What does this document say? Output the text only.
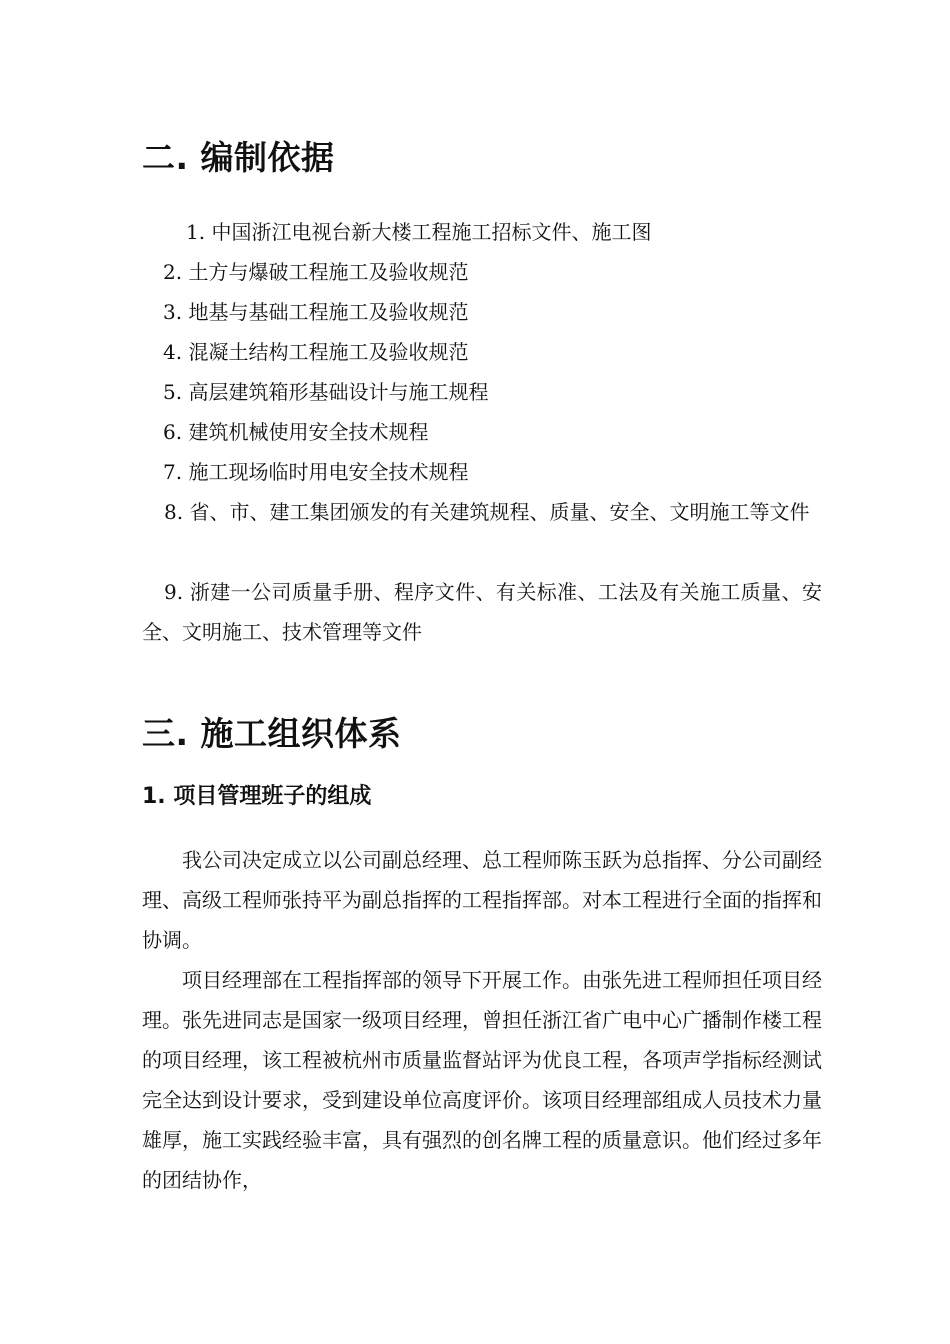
二. 编制依据
1. 中国浙江电视台新大楼工程施工招标文件、施工图
2. 土方与爆破工程施工及验收规范
3. 地基与基础工程施工及验收规范
4. 混凝土结构工程施工及验收规范
5. 高层建筑箱形基础设计与施工规程
6. 建筑机械使用安全技术规程
7. 施工现场临时用电安全技术规程

8. 省、市、建工集团颁发的有关建筑规程、质量、安全、文明施工等文件

9. 浙建一公司质量手册、程序文件、有关标准、工法及有关施工质量、安全、文明施工、技术管理等文件

三. 施工组织体系
1. 项目管理班子的组成

我公司决定成立以公司副总经理、总工程师陈玉跃为总指挥、分公司副经理、高级工程师张持平为副总指挥的工程指挥部。对本工程进行全面的指挥和协调。

项目经理部在工程指挥部的领导下开展工作。由张先进工程师担任项目经理。张先进同志是国家一级项目经理，曾担任浙江省广电中心广播制作楼工程的项目经理，该工程被杭州市质量监督站评为优良工程，各项声学指标经测试完全达到设计要求，受到建设单位高度评价。该项目经理部组成人员技术力量雄厚，施工实践经验丰富，具有强烈的创名牌工程的质量意识。他们经过多年的团结协作，
